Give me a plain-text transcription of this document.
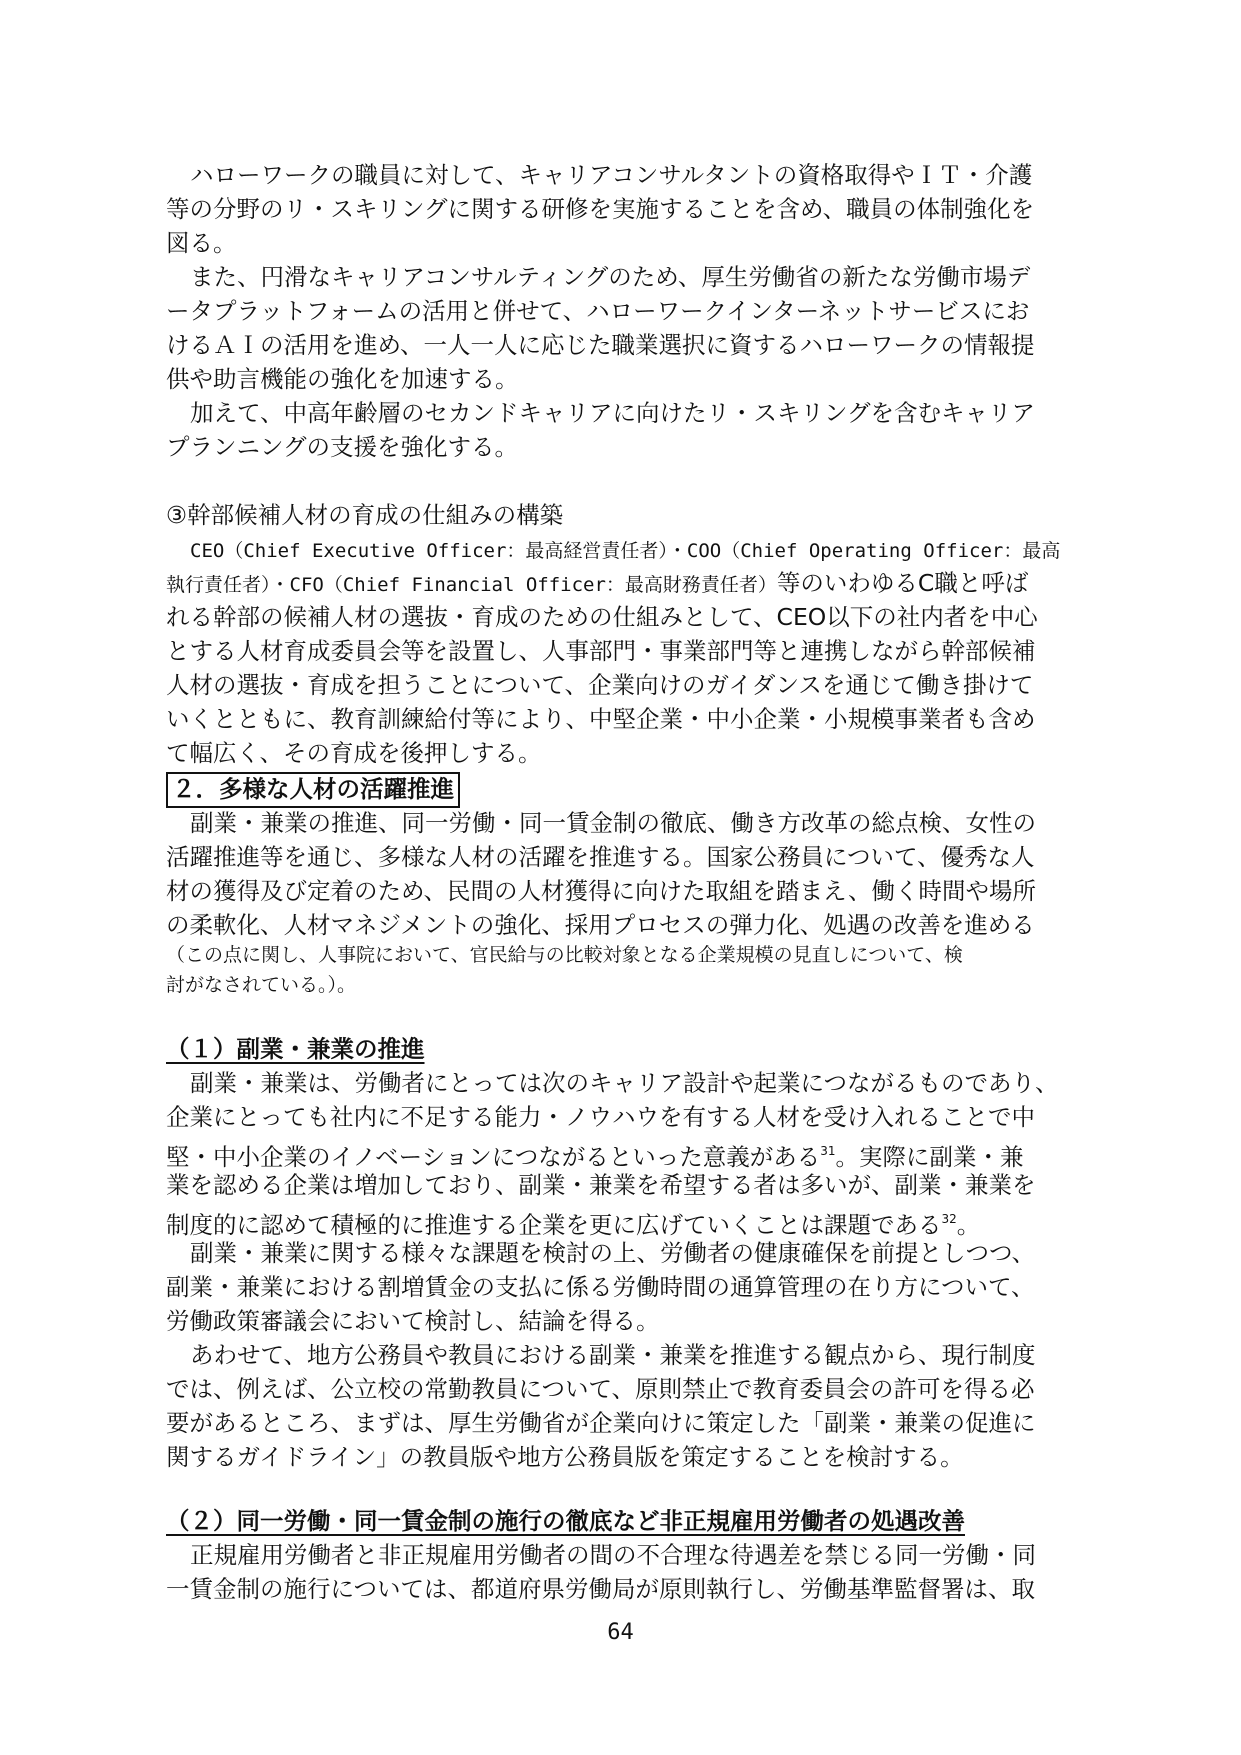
ハローワークの職員に対して、キャリアコンサルタントの資格取得やＩＴ・介護
等の分野のリ・スキリングに関する研修を実施することを含め、職員の体制強化を
図る。
また、円滑なキャリアコンサルティングのため、厚生労働省の新たな労働市場デ
ータプラットフォームの活用と併せて、ハローワークインターネットサービスにお
けるＡＩの活用を進め、一人一人に応じた職業選択に資するハローワークの情報提
供や助言機能の強化を加速する。
加えて、中高年齢層のセカンドキャリアに向けたリ・スキリングを含むキャリア
プランニングの支援を強化する。
③幹部候補人材の育成の仕組みの構築
CEO（Chief Executive Officer：最高経営責任者）・COO（Chief Operating Officer：最高
執行責任者）・CFO（Chief Financial Officer：最高財務責任者）等のいわゆるC職と呼ば
れる幹部の候補人材の選抜・育成のための仕組みとして、CEO以下の社内者を中心
とする人材育成委員会等を設置し、人事部門・事業部門等と連携しながら幹部候補
人材の選抜・育成を担うことについて、企業向けのガイダンスを通じて働き掛けて
いくとともに、教育訓練給付等により、中堅企業・中小企業・小規模事業者も含め
て幅広く、その育成を後押しする。
２．多様な人材の活躍推進
副業・兼業の推進、同一労働・同一賃金制の徹底、働き方改革の総点検、女性の
活躍推進等を通じ、多様な人材の活躍を推進する。国家公務員について、優秀な人
材の獲得及び定着のため、民間の人材獲得に向けた取組を踏まえ、働く時間や場所
の柔軟化、人材マネジメントの強化、採用プロセスの弾力化、処遇の改善を進める
（この点に関し、人事院において、官民給与の比較対象となる企業規模の見直しについて、検
討がなされている。）。
（１）副業・兼業の推進
副業・兼業は、労働者にとっては次のキャリア設計や起業につながるものであり、
企業にとっても社内に不足する能力・ノウハウを有する人材を受け入れることで中
堅・中小企業のイノベーションにつながるといった意義がある$^{31}$。実際に副業・兼
業を認める企業は増加しており、副業・兼業を希望する者は多いが、副業・兼業を
制度的に認めて積極的に推進する企業を更に広げていくことは課題である$^{32}$。
副業・兼業に関する様々な課題を検討の上、労働者の健康確保を前提としつつ、
副業・兼業における割増賃金の支払に係る労働時間の通算管理の在り方について、
労働政策審議会において検討し、結論を得る。
あわせて、地方公務員や教員における副業・兼業を推進する観点から、現行制度
では、例えば、公立校の常勤教員について、原則禁止で教育委員会の許可を得る必
要があるところ、まずは、厚生労働省が企業向けに策定した「副業・兼業の促進に
関するガイドライン」の教員版や地方公務員版を策定することを検討する。
（２）同一労働・同一賃金制の施行の徹底など非正規雇用労働者の処遇改善
正規雇用労働者と非正規雇用労働者の間の不合理な待遇差を禁じる同一労働・同
一賃金制の施行については、都道府県労働局が原則執行し、労働基準監督署は、取
64
